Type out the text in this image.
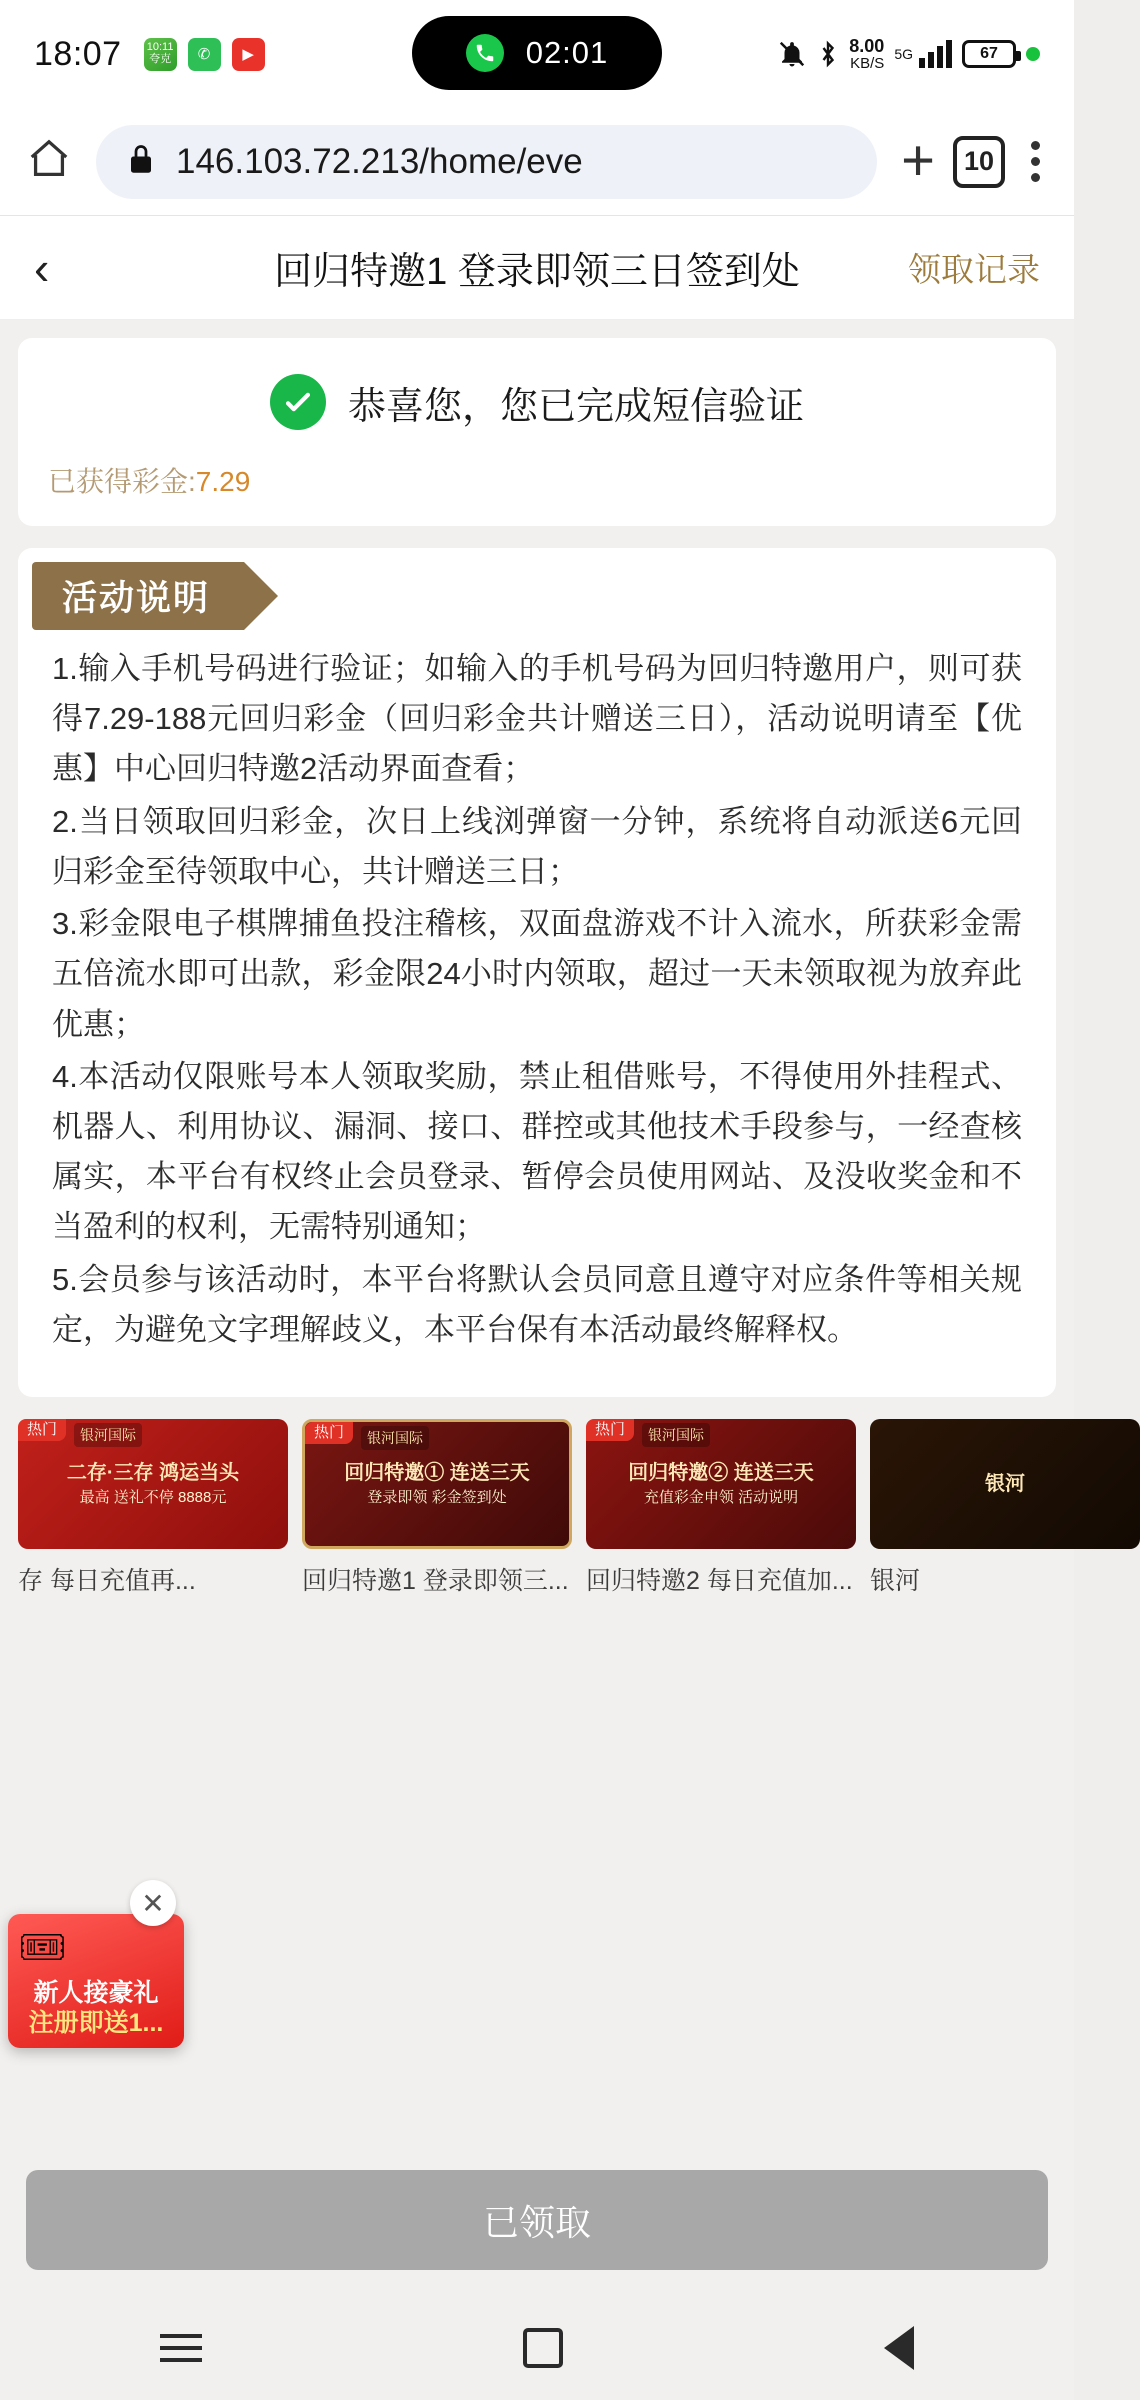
18:07 10:11
夸克	✆	▶	02:01	8.00
KB/S
5G	67
146.103.72.213/home/eve	+	10
‹	回归特邀1 登录即领三日签到处	领取记录
恭喜您，您已完成短信验证
已获得彩金:7.29
活动说明

1.输入手机号码进行验证；如输入的手机号码为回归特邀用户，则可获得7.29-188元回归彩金（回归彩金共计赠送三日），活动说明请至【优惠】中心回归特邀2活动界面查看；

2.当日领取回归彩金，次日上线浏弹窗一分钟，系统将自动派送6元回归彩金至待领取中心，共计赠送三日；

3.彩金限电子棋牌捕鱼投注稽核，双面盘游戏不计入流水，所获彩金需五倍流水即可出款，彩金限24小时内领取，超过一天未领取视为放弃此优惠；

4.本活动仅限账号本人领取奖励，禁止租借账号，不得使用外挂程式、机器人、利用协议、漏洞、接口、群控或其他技术手段参与，一经查核属实，本平台有权终止会员登录、暂停会员使用网站、及没收奖金和不当盈利的权利，无需特别通知；

5.会员参与该活动时，本平台将默认会员同意且遵守对应条件等相关规定，为避免文字理解歧义，本平台保有本活动最终解释权。

热门	银河国际
二存·三存 鸿运当头
最高 送礼不停 8888元
存 每日充值再...
热门	银河国际
回归特邀① 连送三天
登录即领 彩金签到处
回归特邀1 登录即领三...
热门	银河国际
回归特邀② 连送三天
充值彩金申领 活动说明
回归特邀2 每日充值加...
银河
银河
✕
🎟
新人接豪礼
注册即送1...
已领取
